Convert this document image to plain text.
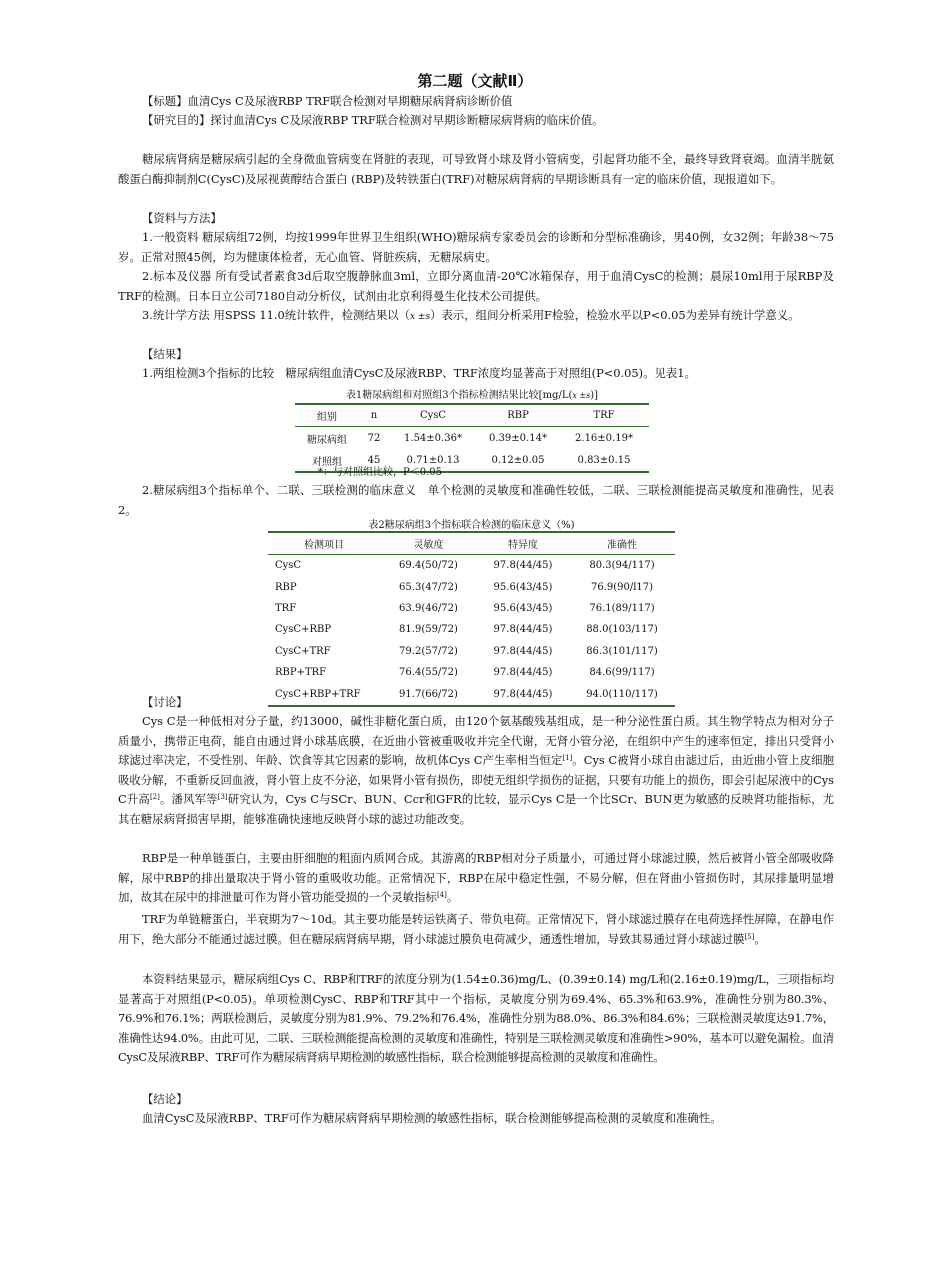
第二题（文献Ⅱ）

【标题】血清Cys C及尿液RBP TRF联合检测对早期糖尿病肾病诊断价值

【研究目的】探讨血清Cys C及尿液RBP TRF联合检测对早期诊断糖尿病肾病的临床价值。

糖尿病肾病是糖尿病引起的全身微血管病变在肾脏的表现，可导致肾小球及肾小管病变，引起肾功能不全，最终导致肾衰竭。血清半胱氨酸蛋白酶抑制剂C(CysC)及尿视黄醇结合蛋白 (RBP)及转铁蛋白(TRF)对糖尿病肾病的早期诊断具有一定的临床价值，现报道如下。

【资料与方法】

1.一般资料 糖尿病组72例，均按1999年世界卫生组织(WHO)糖尿病专家委员会的诊断和分型标准确诊，男40例，女32例；年龄38～75岁。正常对照45例，均为健康体检者，无心血管、肾脏疾病，无糖尿病史。

2.标本及仪器 所有受试者素食3d后取空腹静脉血3ml，立即分离血清-20℃冰箱保存，用于血清CysC的检测；晨尿10ml用于尿RBP及TRF的检测。日本日立公司7180自动分析仪，试剂由北京利得曼生化技术公司提供。

3.统计学方法 用SPSS 11.0统计软件，检测结果以（x ±s）表示，组间分析采用F检验，检验水平以P<0.05为差异有统计学意义。

【结果】

1.两组检测3个指标的比较　糖尿病组血清CysC及尿液RBP、TRF浓度均显著高于对照组(P<0.05)。见表1。

表1糖尿病组和对照组3个指标检测结果比较[mg/L(x ±s)]
组别	n	CysC	RBP	TRF
糖尿病组	72	1.54±0.36*	0.39±0.14*	2.16±0.19*
对照组	45	0.71±0.13	0.12±0.05	0.83±0.15
*：与对照组比较，P＜0.05

2.糖尿病组3个指标单个、二联、三联检测的临床意义　单个检测的灵敏度和准确性较低，二联、三联检测能提高灵敏度和准确性，见表2。

表2糖尿病组3个指标联合检测的临床意义（%)
检测项目	灵敏度	特异度	准确性
CysC	69.4(50/72)	97.8(44/45)	80.3(94/117)
RBP	65.3(47/72)	95.6(43/45)	76.9(90/l17)
TRF	63.9(46/72)	95.6(43/45)	76.1(89/117)
CysC+RBP	81.9(59/72)	97.8(44/45)	88.0(103/117)
CysC+TRF	79.2(57/72)	97.8(44/45)	86.3(101/117)
RBP+TRF	76.4(55/72)	97.8(44/45)	84.6(99/117)
CysC+RBP+TRF	91.7(66/72)	97.8(44/45)	94.0(110/117)

【讨论】

Cys C是一种低相对分子量，约13000，碱性非糖化蛋白质，由120个氨基酸残基组成，是一种分泌性蛋白质。其生物学特点为相对分子质量小，携带正电荷，能自由通过肾小球基底膜，在近曲小管被重吸收并完全代谢，无肾小管分泌，在组织中产生的速率恒定，排出只受肾小球滤过率决定，不受性别、年龄、饮食等其它因素的影响，故机体Cys C产生率相当恒定[1]。Cys C被肾小球自由滤过后，由近曲小管上皮细胞吸收分解，不重新反回血液，肾小管上皮不分泌，如果肾小管有损伤，即使无组织学损伤的证据，只要有功能上的损伤，即会引起尿液中的Cys C升高[2]。潘风军等[3]研究认为，Cys C与SCr、BUN、Ccr和GFR的比较，显示Cys C是一个比SCr、BUN更为敏感的反映肾功能指标，尤其在糖尿病肾损害早期，能够准确快速地反映肾小球的滤过功能改变。

RBP是一种单链蛋白，主要由肝细胞的粗面内质网合成。其游离的RBP相对分子质量小，可通过肾小球滤过膜，然后被肾小管全部吸收降解，尿中RBP的排出量取决于肾小管的重吸收功能。正常情况下，RBP在尿中稳定性强，不易分解，但在肾曲小管损伤时，其尿排量明显增加，故其在尿中的排泄量可作为肾小管功能受损的一个灵敏指标[4]。

TRF为单链糖蛋白，半衰期为7～10d。其主要功能是转运铁离子、带负电荷。正常情况下，肾小球滤过膜存在电荷选择性屏障，在静电作用下，绝大部分不能通过滤过膜。但在糖尿病肾病早期，肾小球滤过膜负电荷减少，通透性增加，导致其易通过肾小球滤过膜[5]。

本资料结果显示，糖尿病组Cys C、RBP和TRF的浓度分别为(1.54±0.36)mg/L、(0.39±0.14) mg/L和(2.16±0.19)mg/L，三项指标均显著高于对照组(P<0.05)。单项检测CysC、RBP和TRF其中一个指标，灵敏度分别为69.4%、65.3%和63.9%，准确性分别为80.3%、76.9%和76.1%；两联检测后，灵敏度分别为81.9%、79.2%和76.4%，准确性分别为88.0%、86.3%和84.6%；三联检测灵敏度达91.7%，准确性达94.0%。由此可见，二联、三联检测能提高检测的灵敏度和准确性，特别是三联检测灵敏度和准确性>90%，基本可以避免漏检。血清CysC及尿液RBP、TRF可作为糖尿病肾病早期检测的敏感性指标，联合检测能够提高检测的灵敏度和准确性。

【结论】

血清CysC及尿液RBP、TRF可作为糖尿病肾病早期检测的敏感性指标，联合检测能够提高检测的灵敏度和准确性。
